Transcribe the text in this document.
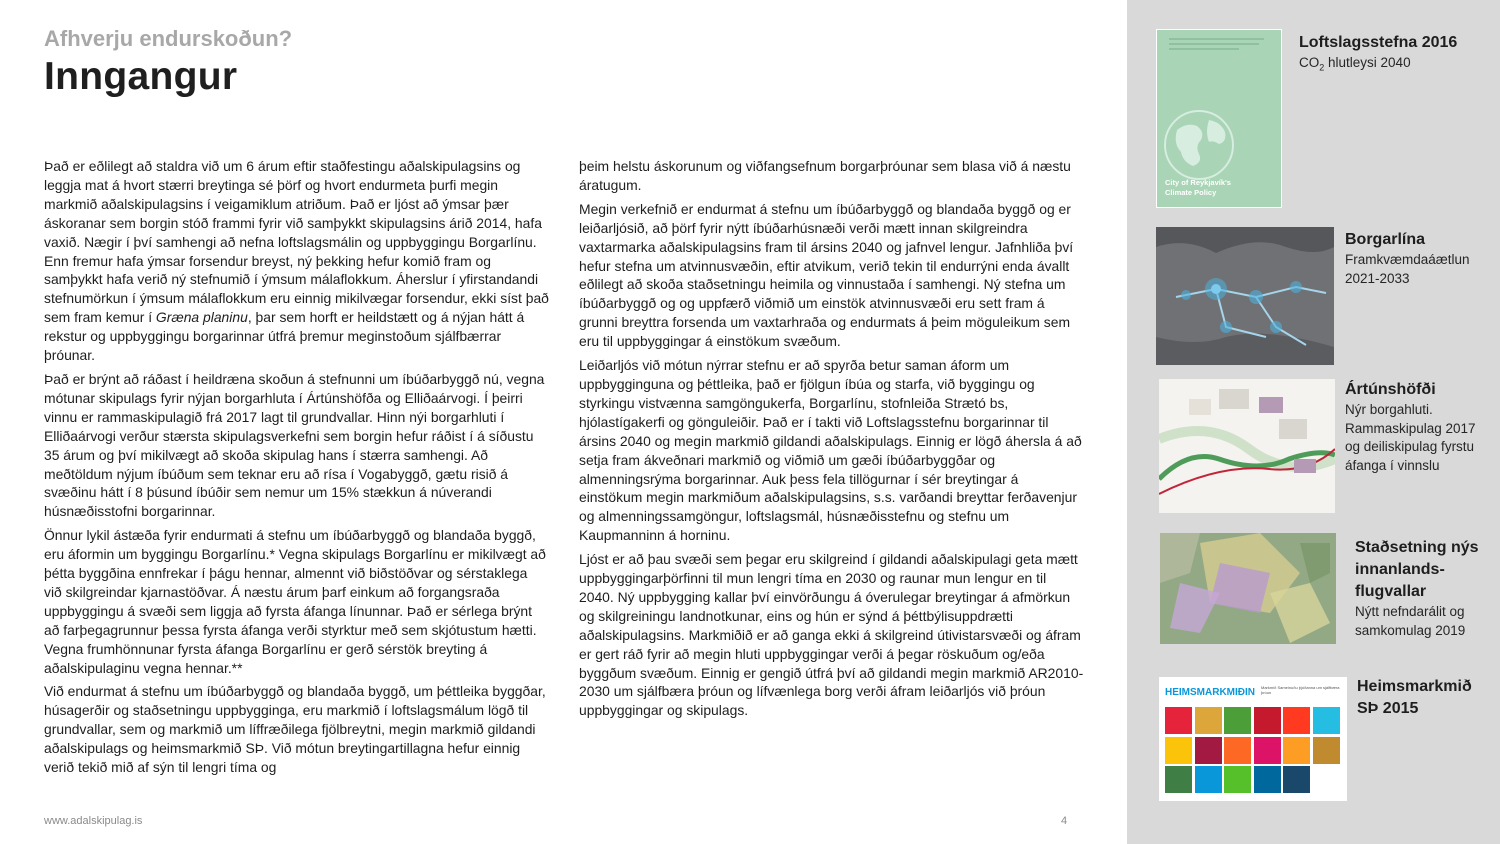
Afhverju endurskoðun?
Inngangur

Það er eðlilegt að staldra við um 6 árum eftir staðfestingu aðalskipulagsins og leggja mat á hvort stærri breytinga sé þörf og hvort endurmeta þurfi megin markmið aðalskipulagsins í veigamiklum atriðum. Það er ljóst að ýmsar þær áskoranar sem borgin stóð frammi fyrir við samþykkt skipulagsins árið 2014, hafa vaxið. Nægir í því samhengi að nefna loftslagsmálin og uppbyggingu Borgarlínu. Enn fremur hafa ýmsar forsendur breyst, ný þekking hefur komið fram og samþykkt hafa verið ný stefnumið í ýmsum málaflokkum. Áherslur í yfirstandandi stefnumörkun í ýmsum málaflokkum eru einnig mikilvægar forsendur, ekki síst það sem fram kemur í Græna planinu, þar sem horft er heildstætt og á nýjan hátt á rekstur og uppbyggingu borgarinnar útfrá þremur meginstoðum sjálfbærrar þróunar.

Það er brýnt að ráðast í heildræna skoðun á stefnunni um íbúðarbyggð nú, vegna mótunar skipulags fyrir nýjan borgarhluta í Ártúnshöfða og Elliðaárvogi. Í þeirri vinnu er rammaskipulagið frá 2017 lagt til grundvallar. Hinn nýi borgarhluti í Elliðaárvogi verður stærsta skipulagsverkefni sem borgin hefur ráðist í á síðustu 35 árum og því mikilvægt að skoða skipulag hans í stærra samhengi. Að meðtöldum nýjum íbúðum sem teknar eru að rísa í Vogabyggð, gætu risið á svæðinu hátt í 8 þúsund íbúðir sem nemur um 15% stækkun á núverandi húsnæðisstofni borgarinnar.

Önnur lykil ástæða fyrir endurmati á stefnu um íbúðarbyggð og blandaða byggð, eru áformin um byggingu Borgarlínu.* Vegna skipulags Borgarlínu er mikilvægt að þétta byggðina ennfrekar í þágu hennar, almennt við biðstöðvar og sérstaklega við skilgreindar kjarnastöðvar. Á næstu árum þarf einkum að forgangsraða uppbyggingu á svæði sem liggja að fyrsta áfanga línunnar. Það er sérlega brýnt að farþegagrunnur þessa fyrsta áfanga verði styrktur með sem skjótustum hætti. Vegna frumhönnunar fyrsta áfanga Borgarlínu er gerð sérstök breyting á aðalskipulaginu vegna hennar.**

Við endurmat á stefnu um íbúðarbyggð og blandaða byggð, um þéttleika byggðar, húsagerðir og staðsetningu uppbygginga, eru markmið í loftslagsmálum lögð til grundvallar, sem og markmið um líffræðilega fjölbreytni, megin markmið gildandi aðalskipulags og heimsmarkmið SÞ. Við mótun breytingartillagna hefur einnig verið tekið mið af sýn til lengri tíma og

þeim helstu áskorunum og viðfangsefnum borgarþróunar sem blasa við á næstu áratugum.

Megin verkefnið er endurmat á stefnu um íbúðarbyggð og blandaða byggð og er leiðarljósið, að þörf fyrir nýtt íbúðarhúsnæði verði mætt innan skilgreindra vaxtarmarka aðalskipulagsins fram til ársins 2040 og jafnvel lengur. Jafnhliða því hefur stefna um atvinnusvæðin, eftir atvikum, verið tekin til endurrýni enda ávallt eðlilegt að skoða staðsetningu heimila og vinnustaða í samhengi. Ný stefna um íbúðarbyggð og og uppfærð viðmið um einstök atvinnusvæði eru sett fram á grunni breyttra forsenda um vaxtarhraða og endurmats á þeim möguleikum sem eru til uppbyggingar á einstökum svæðum.

Leiðarljós við mótun nýrrar stefnu er að spyrða betur saman áform um uppbygginguna og þéttleika, það er fjölgun íbúa og starfa, við byggingu og styrkingu vistvænna samgöngukerfa, Borgarlínu, stofnleiða Strætó bs, hjólastígakerfi og gönguleiðir. Það er í takti við Loftslagsstefnu borgarinnar til ársins 2040 og megin markmið gildandi aðalskipulags. Einnig er lögð áhersla á að setja fram ákveðnari markmið og viðmið um gæði íbúðarbyggðar og almenningsrýma borgarinnar. Auk þess fela tillögurnar í sér breytingar á einstökum megin markmiðum aðalskipulagsins, s.s. varðandi breyttar ferðavenjur og almenningssamgöngur, loftslagsmál, húsnæðisstefnu og stefnu um Kaupmanninn á horninu.

Ljóst er að þau svæði sem þegar eru skilgreind í gildandi aðalskipulagi geta mætt uppbyggingarþörfinni til mun lengri tíma en 2030 og raunar mun lengur en til 2040. Ný uppbygging kallar því einvörðungu á óverulegar breytingar á afmörkun og skilgreiningu landnotkunar, eins og hún er sýnd á þéttbýlisuppdrætti aðalskipulagsins. Markmiðið er að ganga ekki á skilgreind útivistarsvæði og áfram er gert ráð fyrir að megin hluti uppbyggingar verði á þegar röskuðum og/eða byggðum svæðum. Einnig er gengið útfrá því að gildandi megin markmið AR2010-2030 um sjálfbæra þróun og lífvænlega borg verði áfram leiðarljós við þróun uppbyggingar og skipulags.

www.adalskipulag.is	4
City of Reykjavík's Climate Policy
Loftslagsstefna 2016
$CO_2$ hlutleysi 2040
Borgarlína
Framkvæmdaáætlun
2021-2033
Ártúnshöfði
Nýr borgahluti.
Rammaskipulag 2017
og deiliskipulag fyrstu
áfanga í vinnslu
Staðsetning nýs
innanlands-
flugvallar
Nýtt nefndarálit og
samkomulag 2019
HEIMSMARKMIÐIN Markmið Sameinuðu þjóðanna um sjálfbæra þróun	Heimsmarkmið
SÞ 2015
